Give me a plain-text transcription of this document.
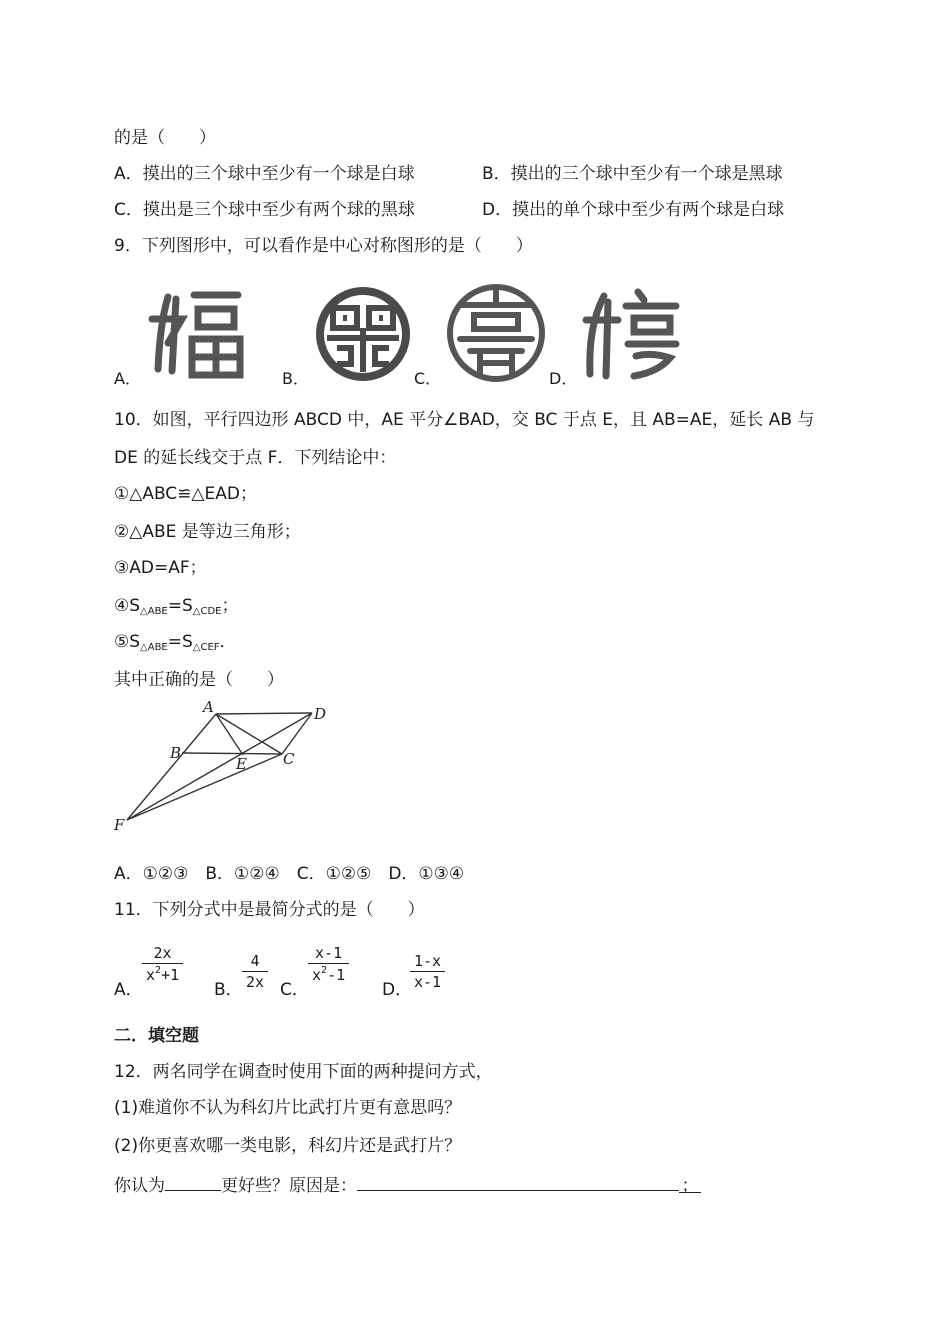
的是（　　）
A．摸出的三个球中至少有一个球是白球	B．摸出的三个球中至少有一个球是黑球
C．摸出是三个球中至少有两个球的黑球	D．摸出的单个球中至少有两个球是白球
9．下列图形中，可以看作是中心对称图形的是（　　）
A．	B．	C．	D．
10．如图，平行四边形 ABCD 中，AE 平分∠BAD，交 BC 于点 E，且 AB=AE，延长 AB 与
DE 的延长线交于点 F．下列结论中：
①△ABC≌△EAD；
②△ABE 是等边三角形；
③AD=AF；
$④S_{\triangle ABE}=S_{\triangle CDE}$；
$⑤S_{\triangle ABE}=S_{\triangle CEF}$．
其中正确的是（　　）
A	D
B
E C
F
A．①②③　B．①②④　C．①②⑤　D．①③④
11．下列分式中是最简分式的是（　　）
A．
2x
$x^2+1$
B．
4
2x C．
x-1
$x^2-1$
D．
1-x
x-1
二．填空题
12．两名同学在调查时使用下面的两种提问方式，
(1)难道你不认为科幻片比武打片更有意思吗？
(2)你更喜欢哪一类电影，科幻片还是武打片？
你认为	更好些？原因是：	；
